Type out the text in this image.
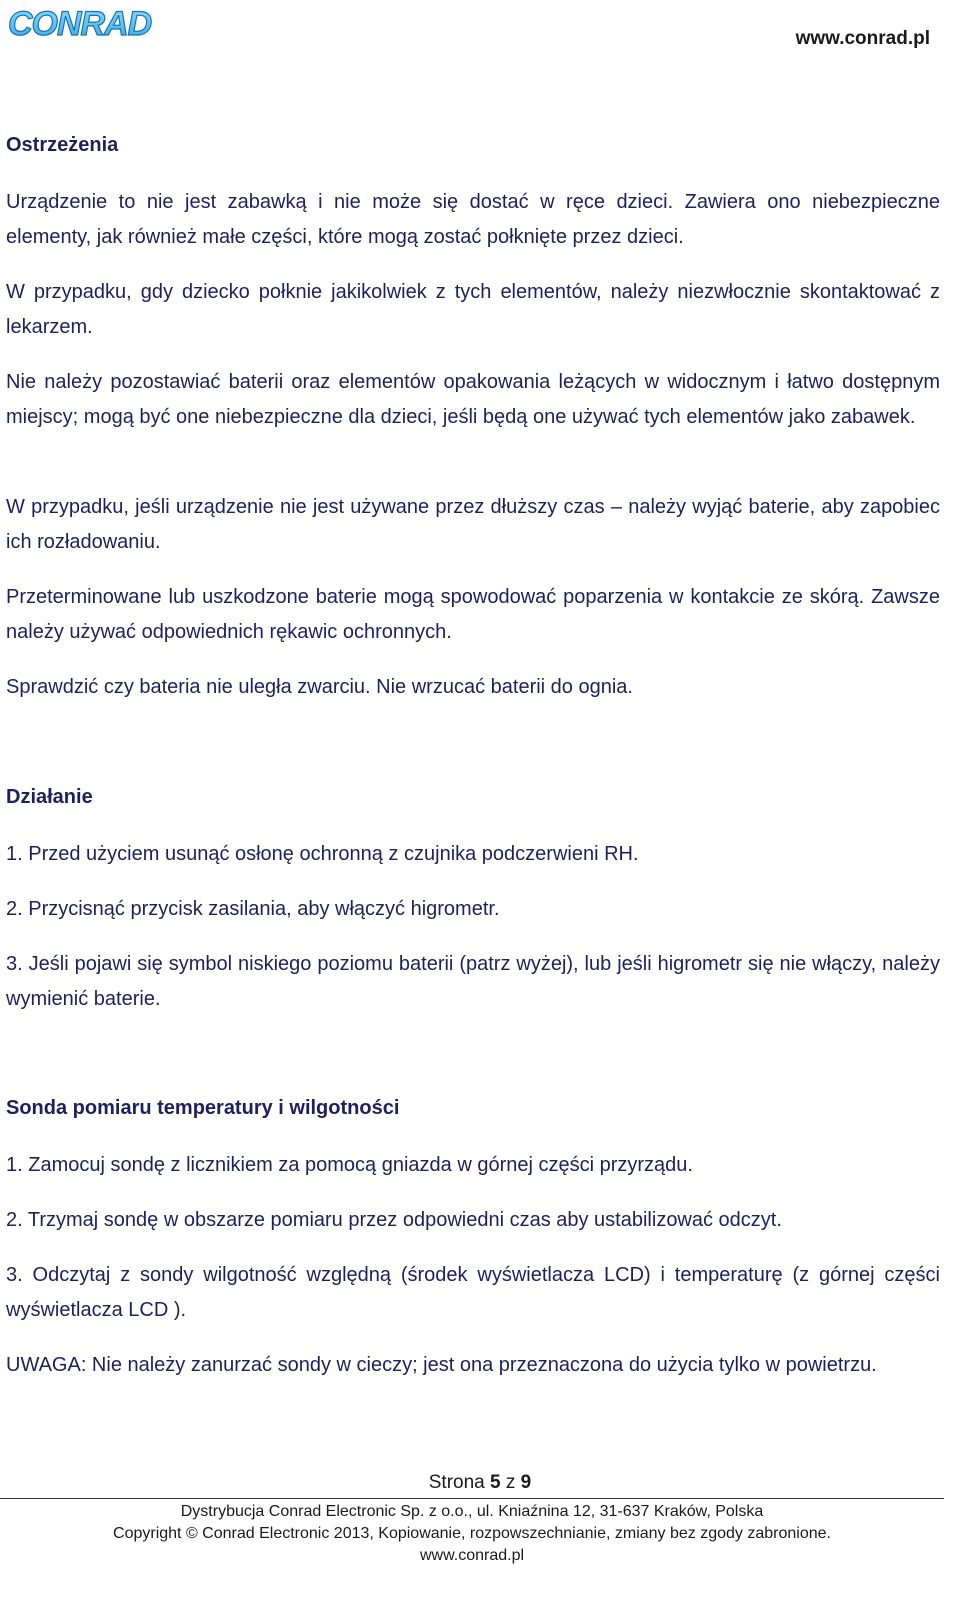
CONRAD	www.conrad.pl
Ostrzeżenia
Urządzenie to nie jest zabawką i nie może się dostać w ręce dzieci. Zawiera ono niebezpieczne elementy, jak również małe części, które mogą zostać połknięte przez dzieci.
W przypadku, gdy dziecko połknie jakikolwiek z tych elementów, należy niezwłocznie skontaktować z lekarzem.
Nie należy pozostawiać baterii oraz elementów opakowania leżących w widocznym i łatwo dostępnym miejscy; mogą być one niebezpieczne dla dzieci, jeśli będą one używać tych elementów jako zabawek.
W przypadku, jeśli urządzenie nie jest używane przez dłuższy czas – należy wyjąć baterie, aby zapobiec ich rozładowaniu.
Przeterminowane lub uszkodzone baterie mogą spowodować poparzenia w kontakcie ze skórą. Zawsze należy używać odpowiednich rękawic ochronnych.
Sprawdzić czy bateria nie uległa zwarciu. Nie wrzucać baterii do ognia.
Działanie
1. Przed użyciem usunąć osłonę ochronną z czujnika podczerwieni RH.
2. Przycisnąć przycisk zasilania, aby włączyć higrometr.
3. Jeśli pojawi się symbol niskiego poziomu baterii (patrz wyżej), lub jeśli higrometr się nie włączy, należy wymienić baterie.
Sonda pomiaru temperatury i wilgotności
1. Zamocuj sondę z licznikiem za pomocą gniazda w górnej części przyrządu.
2. Trzymaj sondę w obszarze pomiaru przez odpowiedni czas aby ustabilizować odczyt.
3. Odczytaj z sondy wilgotność względną (środek wyświetlacza LCD) i temperaturę (z górnej części wyświetlacza LCD ).
UWAGA: Nie należy zanurzać sondy w cieczy; jest ona przeznaczona do użycia tylko w powietrzu.
Strona 5 z 9
Dystrybucja Conrad Electronic Sp. z o.o., ul. Kniaźnina 12, 31-637 Kraków, Polska
Copyright © Conrad Electronic 2013, Kopiowanie, rozpowszechnianie, zmiany bez zgody zabronione.
www.conrad.pl
